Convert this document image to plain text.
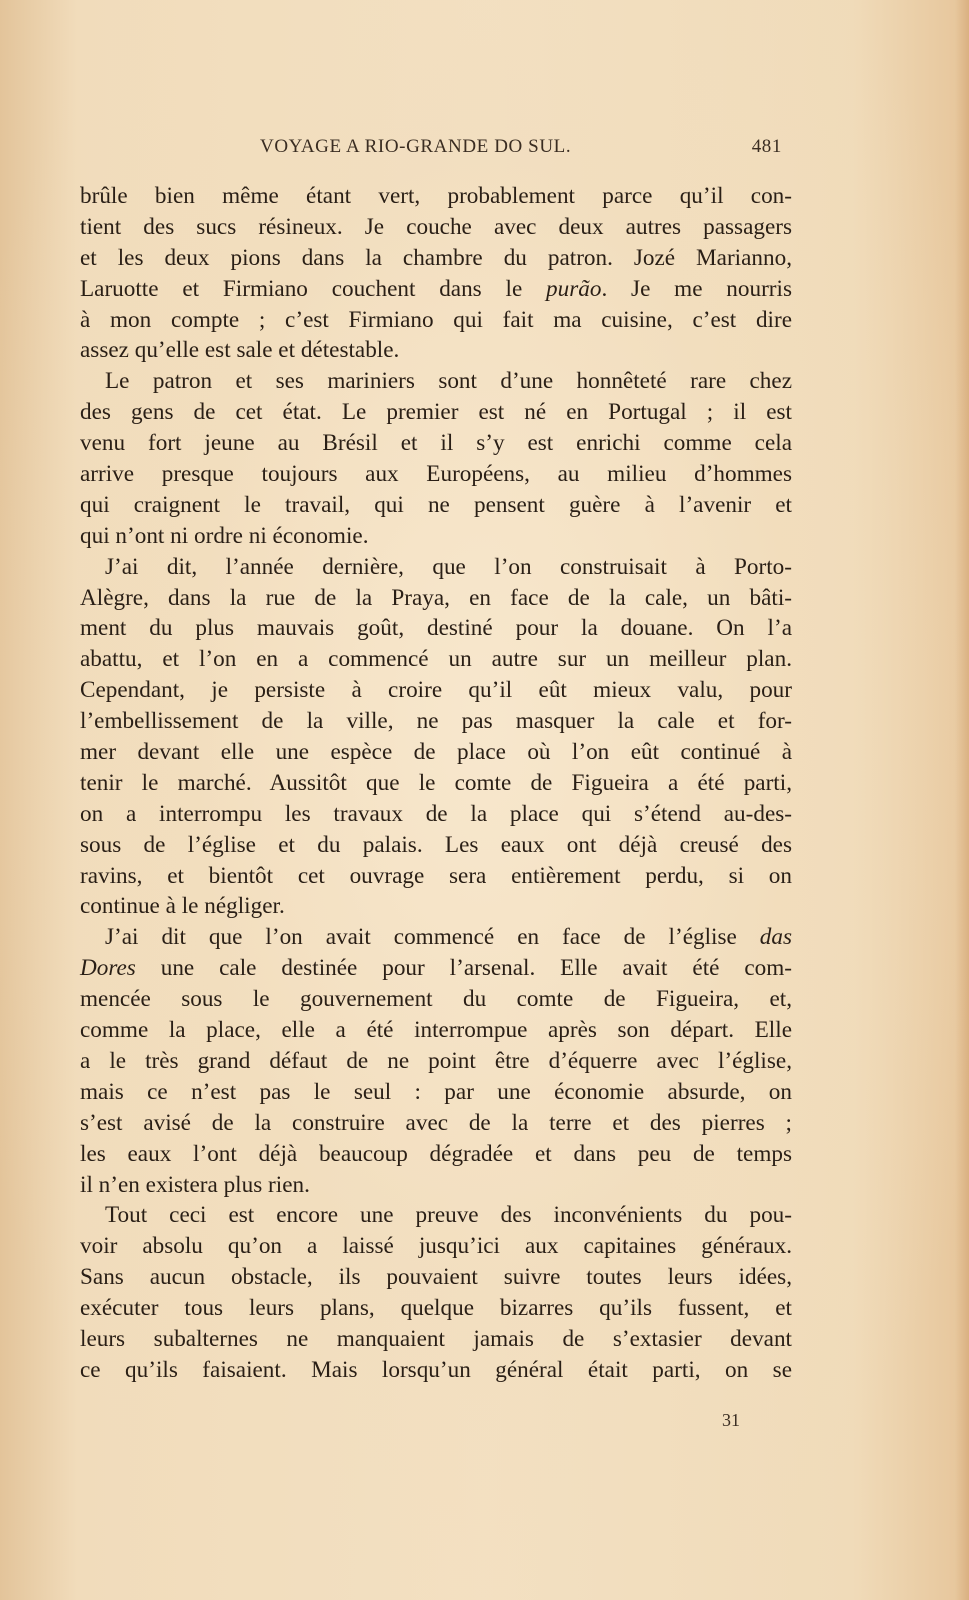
VOYAGE A RIO-GRANDE DO SUL.	481
brûle bien même étant vert, probablement parce qu’il con-
tient des sucs résineux. Je couche avec deux autres passagers
et les deux pions dans la chambre du patron. Jozé Marianno,
Laruotte et Firmiano couchent dans le purão. Je me nourris
à mon compte ; c’est Firmiano qui fait ma cuisine, c’est dire
assez qu’elle est sale et détestable.
Le patron et ses mariniers sont d’une honnêteté rare chez
des gens de cet état. Le premier est né en Portugal ; il est
venu fort jeune au Brésil et il s’y est enrichi comme cela
arrive presque toujours aux Européens, au milieu d’hommes
qui craignent le travail, qui ne pensent guère à l’avenir et
qui n’ont ni ordre ni économie.
J’ai dit, l’année dernière, que l’on construisait à Porto-
Alègre, dans la rue de la Praya, en face de la cale, un bâti-
ment du plus mauvais goût, destiné pour la douane. On l’a
abattu, et l’on en a commencé un autre sur un meilleur plan.
Cependant, je persiste à croire qu’il eût mieux valu, pour
l’embellissement de la ville, ne pas masquer la cale et for-
mer devant elle une espèce de place où l’on eût continué à
tenir le marché. Aussitôt que le comte de Figueira a été parti,
on a interrompu les travaux de la place qui s’étend au-des-
sous de l’église et du palais. Les eaux ont déjà creusé des
ravins, et bientôt cet ouvrage sera entièrement perdu, si on
continue à le négliger.
J’ai dit que l’on avait commencé en face de l’église das
Dores une cale destinée pour l’arsenal. Elle avait été com-
mencée sous le gouvernement du comte de Figueira, et,
comme la place, elle a été interrompue après son départ. Elle
a le très grand défaut de ne point être d’équerre avec l’église,
mais ce n’est pas le seul : par une économie absurde, on
s’est avisé de la construire avec de la terre et des pierres ;
les eaux l’ont déjà beaucoup dégradée et dans peu de temps
il n’en existera plus rien.
Tout ceci est encore une preuve des inconvénients du pou-
voir absolu qu’on a laissé jusqu’ici aux capitaines généraux.
Sans aucun obstacle, ils pouvaient suivre toutes leurs idées,
exécuter tous leurs plans, quelque bizarres qu’ils fussent, et
leurs subalternes ne manquaient jamais de s’extasier devant
ce qu’ils faisaient. Mais lorsqu’un général était parti, on se
31
